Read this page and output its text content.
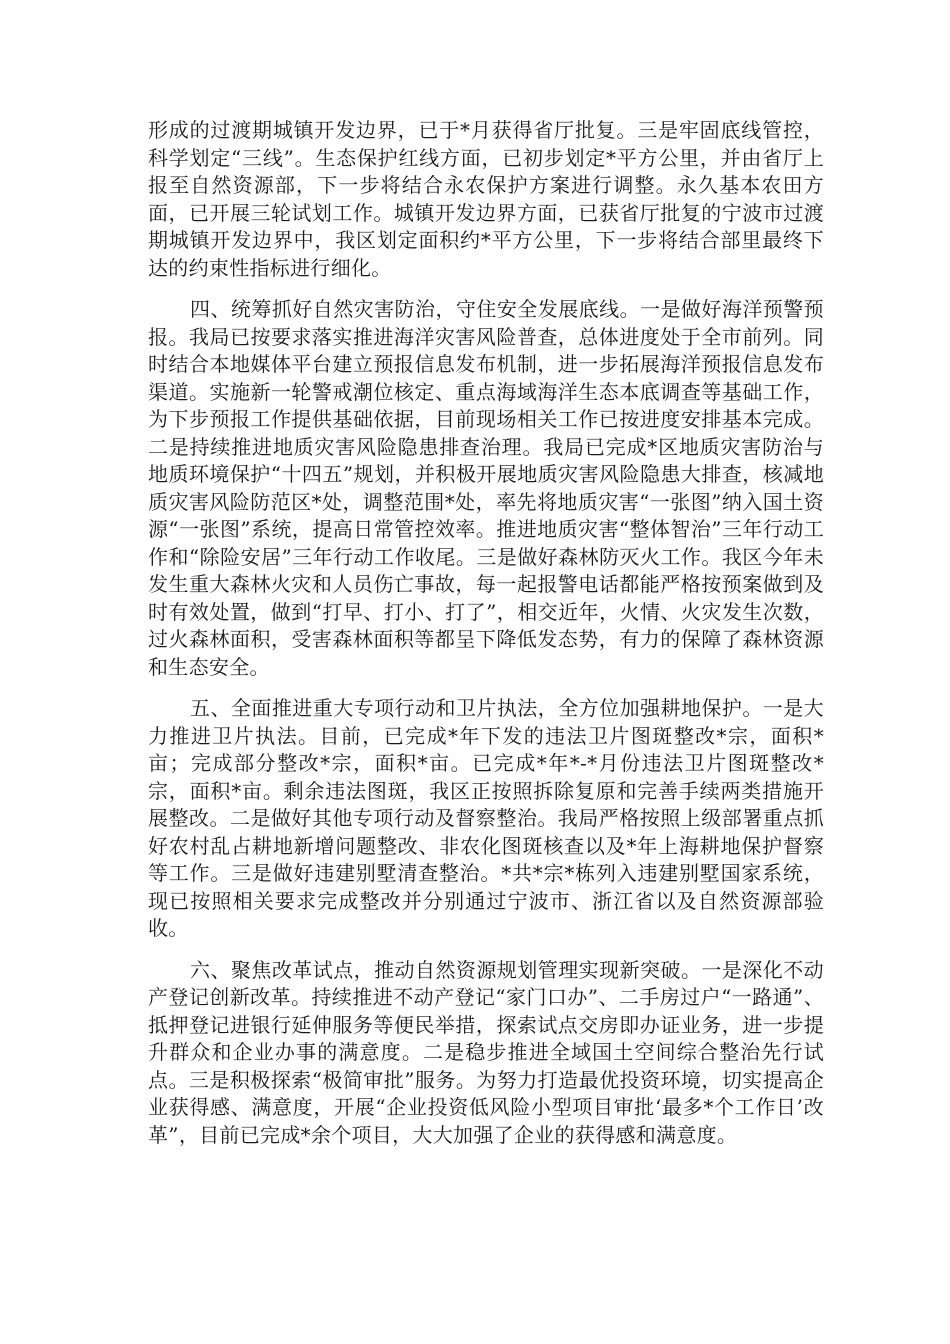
形成的过渡期城镇开发边界，已于*月获得省厅批复。三是牢固底线管控，科学划定“三线”。生态保护红线方面，已初步划定*平方公里，并由省厅上报至自然资源部，下一步将结合永农保护方案进行调整。永久基本农田方面，已开展三轮试划工作。城镇开发边界方面，已获省厅批复的宁波市过渡期城镇开发边界中，我区划定面积约*平方公里，下一步将结合部里最终下达的约束性指标进行细化。

四、统筹抓好自然灾害防治，守住安全发展底线。一是做好海洋预警预报。我局已按要求落实推进海洋灾害风险普查，总体进度处于全市前列。同时结合本地媒体平台建立预报信息发布机制，进一步拓展海洋预报信息发布渠道。实施新一轮警戒潮位核定、重点海域海洋生态本底调查等基础工作，为下步预报工作提供基础依据，目前现场相关工作已按进度安排基本完成。二是持续推进地质灾害风险隐患排查治理。我局已完成*区地质灾害防治与地质环境保护“十四五”规划，并积极开展地质灾害风险隐患大排查，核减地质灾害风险防范区*处，调整范围*处，率先将地质灾害“一张图”纳入国土资源“一张图”系统，提高日常管控效率。推进地质灾害“整体智治”三年行动工作和“除险安居”三年行动工作收尾。三是做好森林防灭火工作。我区今年未发生重大森林火灾和人员伤亡事故，每一起报警电话都能严格按预案做到及时有效处置，做到“打早、打小、打了”，相交近年，火情、火灾发生次数，过火森林面积，受害森林面积等都呈下降低发态势，有力的保障了森林资源和生态安全。

五、全面推进重大专项行动和卫片执法，全方位加强耕地保护。一是大力推进卫片执法。目前，已完成*年下发的违法卫片图斑整改*宗，面积*亩；完成部分整改*宗，面积*亩。已完成*年*-*月份违法卫片图斑整改*宗，面积*亩。剩余违法图斑，我区正按照拆除复原和完善手续两类措施开展整改。二是做好其他专项行动及督察整治。我局严格按照上级部署重点抓好农村乱占耕地新增问题整改、非农化图斑核查以及*年上海耕地保护督察等工作。三是做好违建别墅清查整治。*共*宗*栋列入违建别墅国家系统，现已按照相关要求完成整改并分别通过宁波市、浙江省以及自然资源部验收。

六、聚焦改革试点，推动自然资源规划管理实现新突破。一是深化不动产登记创新改革。持续推进不动产登记“家门口办”、二手房过户“一路通”、抵押登记进银行延伸服务等便民举措，探索试点交房即办证业务，进一步提升群众和企业办事的满意度。二是稳步推进全域国土空间综合整治先行试点。三是积极探索“极简审批”服务。为努力打造最优投资环境，切实提高企业获得感、满意度，开展“企业投资低风险小型项目审批‘最多*个工作日’改革”，目前已完成*余个项目，大大加强了企业的获得感和满意度。
